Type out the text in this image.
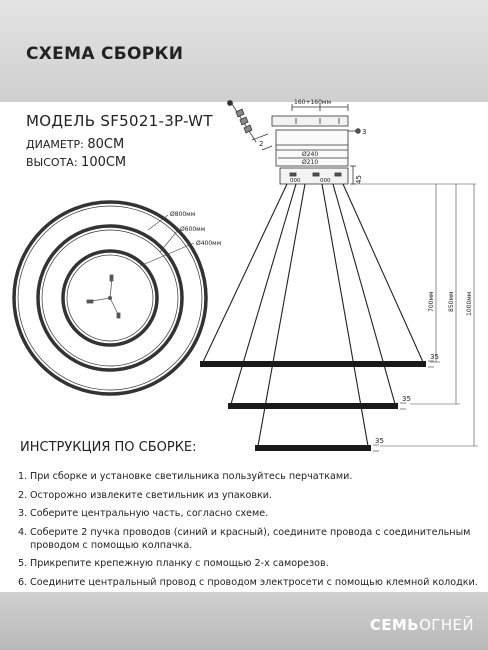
СХЕМА СБОРКИ
МОДЕЛЬ SF5021-3P-WT
ДИАМЕТР: 80СМ
ВЫСОТА: 100СМ
Ø800мм
Ø600мм
Ø400мм
2
160+160мм
3
Ø240
Ø210
000	000	45
35
35
35
700мм 850мм 1000мм
ИНСТРУКЦИЯ ПО СБОРКЕ:
1. При сборке и установке светильника пользуйтесь перчатками.
2. Осторожно извлеките светильник из упаковки.
3. Соберите центральную часть, согласно схеме.
4. Соберите 2 пучка проводов (синий и красный), соедините провода с соединительным проводом с помощью колпачка.
5. Прикрепите крепежную планку с помощью 2-х саморезов.
6. Соедините центральный провод с проводом электросети с помощью клемной колодки.
СЕМЬОГНЕЙ
